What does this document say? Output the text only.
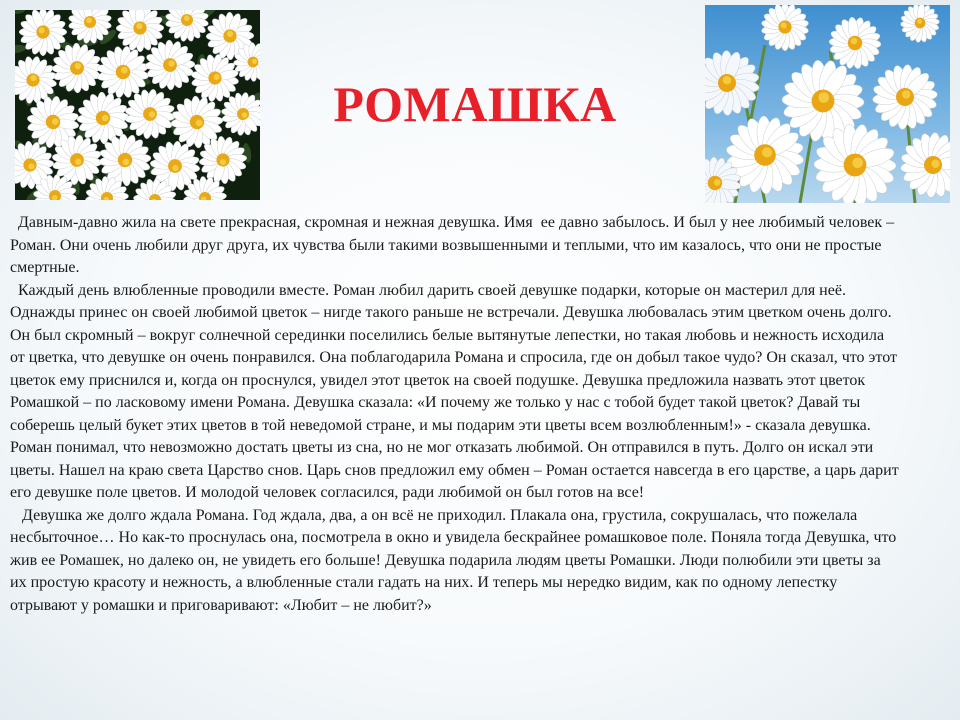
РОМАШКА

Давным-давно жила на свете прекрасная, скромная и нежная девушка. Имя  ее давно забылось. И был у нее любимый человек – Роман. Они очень любили друг друга, их чувства были такими возвышенными и теплыми, что им казалось, что они не простые смертные.

Каждый день влюбленные проводили вместе. Роман любил дарить своей девушке подарки, которые он мастерил для неё. Однажды принес он своей любимой цветок – нигде такого раньше не встречали. Девушка любовалась этим цветком очень долго. Он был скромный – вокруг солнечной серединки поселились белые вытянутые лепестки, но такая любовь и нежность исходила от цветка, что девушке он очень понравился. Она поблагодарила Романа и спросила, где он добыл такое чудо? Он сказал, что этот цветок ему приснился и, когда он проснулся, увидел этот цветок на своей подушке. Девушка предложила назвать этот цветок Ромашкой – по ласковому имени Романа. Девушка сказала: «И почему же только у нас с тобой будет такой цветок? Давай ты соберешь целый букет этих цветов в той неведомой стране, и мы подарим эти цветы всем возлюбленным!» - сказала девушка.

Роман понимал, что невозможно достать цветы из сна, но не мог отказать любимой. Он отправился в путь. Долго он искал эти цветы. Нашел на краю света Царство снов. Царь снов предложил ему обмен – Роман остается навсегда в его царстве, а царь дарит его девушке поле цветов. И молодой человек согласился, ради любимой он был готов на все!

Девушка же долго ждала Романа. Год ждала, два, а он всё не приходил. Плакала она, грустила, сокрушалась, что пожелала несбыточное… Но как-то проснулась она, посмотрела в окно и увидела бескрайнее ромашковое поле. Поняла тогда Девушка, что жив ее Ромашек, но далеко он, не увидеть его больше! Девушка подарила людям цветы Ромашки. Люди полюбили эти цветы за их простую красоту и нежность, а влюбленные стали гадать на них. И теперь мы нередко видим, как по одному лепестку отрывают у ромашки и приговаривают: «Любит – не любит?»
